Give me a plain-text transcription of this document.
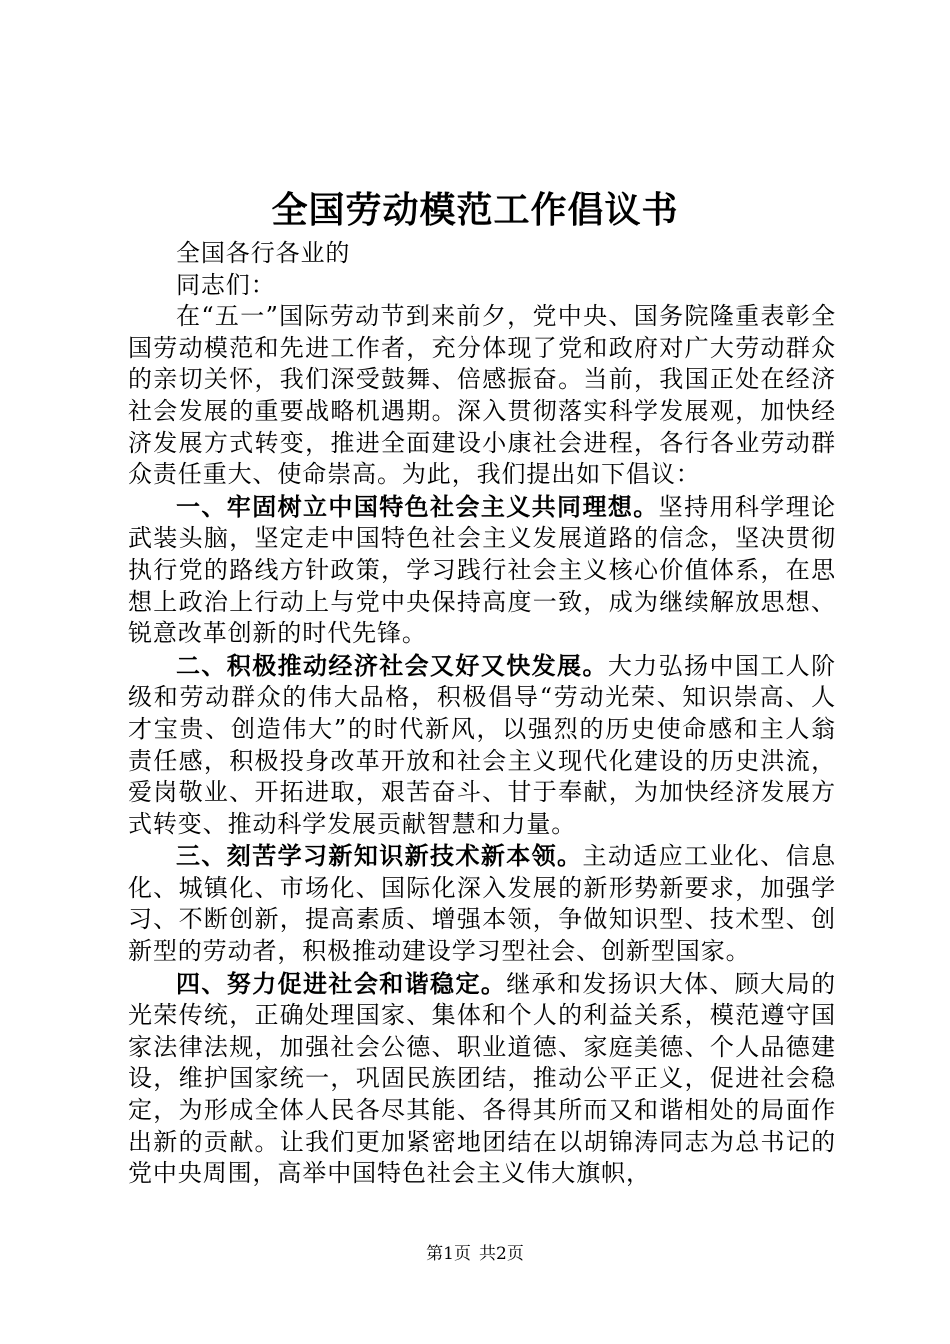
全国劳动模范工作倡议书

全国各行各业的

同志们：

在“五一”国际劳动节到来前夕，党中央、国务院隆重表彰全国劳动模范和先进工作者，充分体现了党和政府对广大劳动群众的亲切关怀，我们深受鼓舞、倍感振奋。当前，我国正处在经济社会发展的重要战略机遇期。深入贯彻落实科学发展观，加快经济发展方式转变，推进全面建设小康社会进程，各行各业劳动群众责任重大、使命崇高。为此，我们提出如下倡议：

一、牢固树立中国特色社会主义共同理想。坚持用科学理论武装头脑，坚定走中国特色社会主义发展道路的信念，坚决贯彻执行党的路线方针政策，学习践行社会主义核心价值体系，在思想上政治上行动上与党中央保持高度一致，成为继续解放思想、锐意改革创新的时代先锋。

二、积极推动经济社会又好又快发展。大力弘扬中国工人阶级和劳动群众的伟大品格，积极倡导“劳动光荣、知识崇高、人才宝贵、创造伟大”的时代新风，以强烈的历史使命感和主人翁责任感，积极投身改革开放和社会主义现代化建设的历史洪流，爱岗敬业、开拓进取，艰苦奋斗、甘于奉献，为加快经济发展方式转变、推动科学发展贡献智慧和力量。

三、刻苦学习新知识新技术新本领。主动适应工业化、信息化、城镇化、市场化、国际化深入发展的新形势新要求，加强学习、不断创新，提高素质、增强本领，争做知识型、技术型、创新型的劳动者，积极推动建设学习型社会、创新型国家。

四、努力促进社会和谐稳定。继承和发扬识大体、顾大局的光荣传统，正确处理国家、集体和个人的利益关系，模范遵守国家法律法规，加强社会公德、职业道德、家庭美德、个人品德建设，维护国家统一，巩固民族团结，推动公平正义，促进社会稳定，为形成全体人民各尽其能、各得其所而又和谐相处的局面作出新的贡献。让我们更加紧密地团结在以胡锦涛同志为总书记的党中央周围，高举中国特色社会主义伟大旗帜，

第1页 共2页
